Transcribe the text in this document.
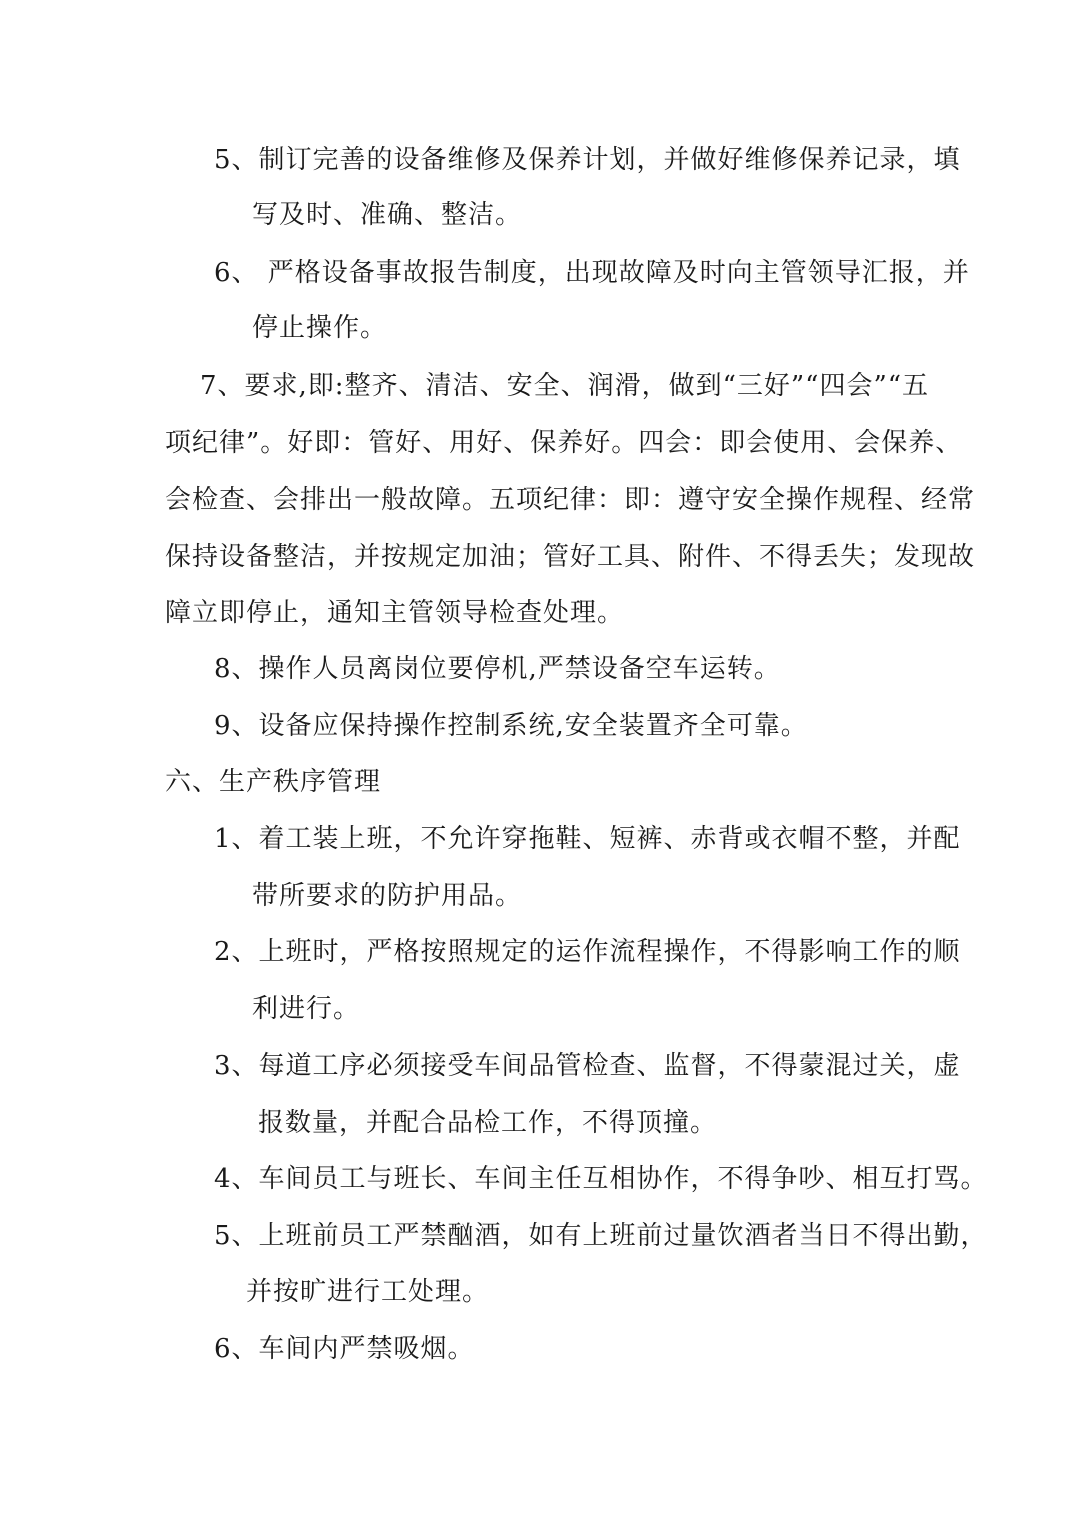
5、制订完善的设备维修及保养计划，并做好维修保养记录，填
写及时、准确、整洁。
6、 严格设备事故报告制度，出现故障及时向主管领导汇报，并
停止操作。
7、要求,即:整齐、清洁、安全、润滑，做到“三好”“四会”“五
项纪律”。好即：管好、用好、保养好。四会：即会使用、会保养、
会检查、会排出一般故障。五项纪律：即：遵守安全操作规程、经常
保持设备整洁，并按规定加油；管好工具、附件、不得丢失；发现故
障立即停止，通知主管领导检查处理。
8、操作人员离岗位要停机,严禁设备空车运转。
9、设备应保持操作控制系统,安全装置齐全可靠。
六、生产秩序管理
1、着工装上班，不允许穿拖鞋、短裤、赤背或衣帽不整，并配
带所要求的防护用品。
2、上班时，严格按照规定的运作流程操作，不得影响工作的顺
利进行。
3、每道工序必须接受车间品管检查、监督，不得蒙混过关，虚
报数量，并配合品检工作，不得顶撞。
4、车间员工与班长、车间主任互相协作，不得争吵、相互打骂。
5、上班前员工严禁酗酒，如有上班前过量饮酒者当日不得出勤，
并按旷进行工处理。
6、车间内严禁吸烟。
